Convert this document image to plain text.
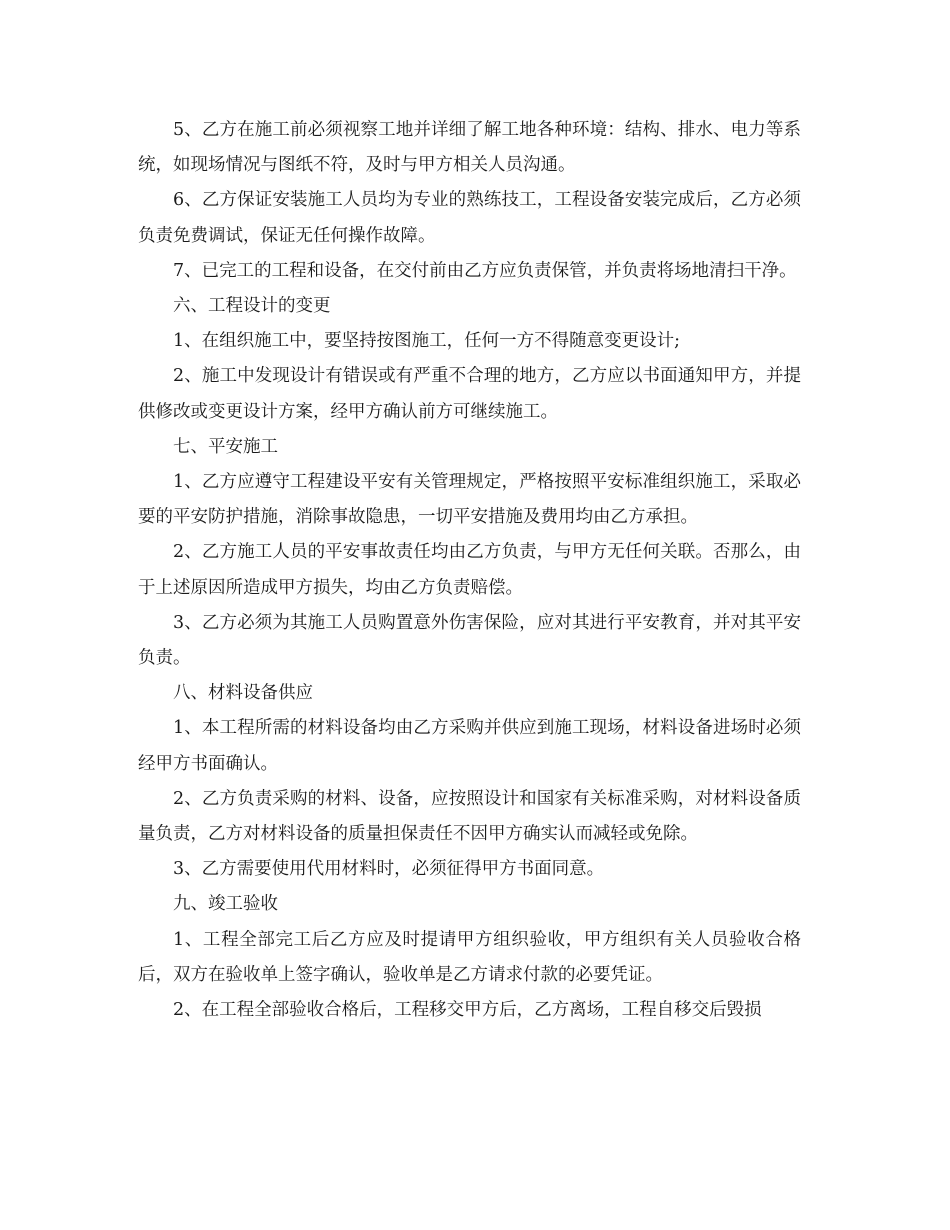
5、乙方在施工前必须视察工地并详细了解工地各种环境：结构、排水、电力等系统，如现场情况与图纸不符，及时与甲方相关人员沟通。

6、乙方保证安装施工人员均为专业的熟练技工，工程设备安装完成后，乙方必须负责免费调试，保证无任何操作故障。

7、已完工的工程和设备，在交付前由乙方应负责保管，并负责将场地清扫干净。

六、工程设计的变更

1、在组织施工中，要坚持按图施工，任何一方不得随意变更设计;

2、施工中发现设计有错误或有严重不合理的地方，乙方应以书面通知甲方，并提供修改或变更设计方案，经甲方确认前方可继续施工。

七、平安施工

1、乙方应遵守工程建设平安有关管理规定，严格按照平安标准组织施工，采取必要的平安防护措施，消除事故隐患，一切平安措施及费用均由乙方承担。

2、乙方施工人员的平安事故责任均由乙方负责，与甲方无任何关联。否那么，由于上述原因所造成甲方损失，均由乙方负责赔偿。

3、乙方必须为其施工人员购置意外伤害保险，应对其进行平安教育，并对其平安负责。

八、材料设备供应

1、本工程所需的材料设备均由乙方采购并供应到施工现场，材料设备进场时必须经甲方书面确认。

2、乙方负责采购的材料、设备，应按照设计和国家有关标准采购，对材料设备质量负责，乙方对材料设备的质量担保责任不因甲方确实认而减轻或免除。

3、乙方需要使用代用材料时，必须征得甲方书面同意。

九、竣工验收

1、工程全部完工后乙方应及时提请甲方组织验收，甲方组织有关人员验收合格后，双方在验收单上签字确认，验收单是乙方请求付款的必要凭证。

2、在工程全部验收合格后，工程移交甲方后，乙方离场，工程自移交后毁损
